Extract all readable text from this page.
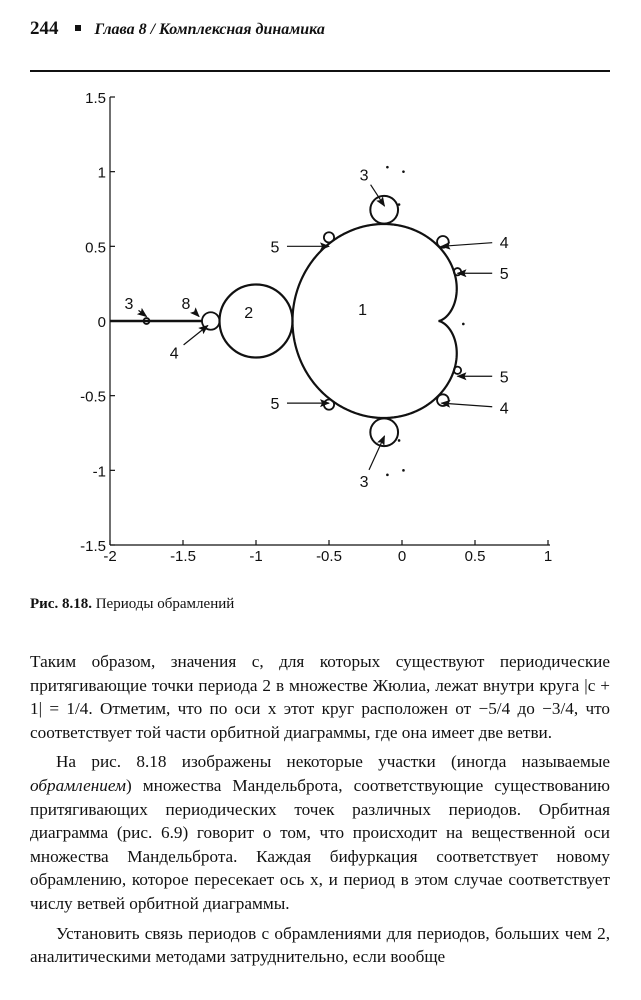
244 Глава 8 / Комплексная динамика
1.5
1
0.5
0
-0.5
-1
-1.5
-2	-1.5	-1	-0.5	0	0.5	1
1
2
3	8
4
3
3
5
5
4
4
5
5
Рис. 8.18. Периоды обрамлений

Таким образом, значения c, для которых существуют периодические притягивающие точки периода 2 в множестве Жюлиа, лежат внутри круга |c + 1| = 1/4. Отметим, что по оси x этот круг расположен от −5/4 до −3/4, что соответствует той части орбитной диаграммы, где она имеет две ветви.

На рис. 8.18 изображены некоторые участки (иногда называемые обрамлением) множества Мандельброта, соответствующие существованию притягивающих периодических точек различных периодов. Орбитная диаграмма (рис. 6.9) говорит о том, что происходит на вещественной оси множества Мандельброта. Каждая бифуркация соответствует новому обрамлению, которое пересекает ось x, и период в этом случае соответствует числу ветвей орбитной диаграммы.

Установить связь периодов с обрамлениями для периодов, больших чем 2, аналитическими методами затруднительно, если вообще
